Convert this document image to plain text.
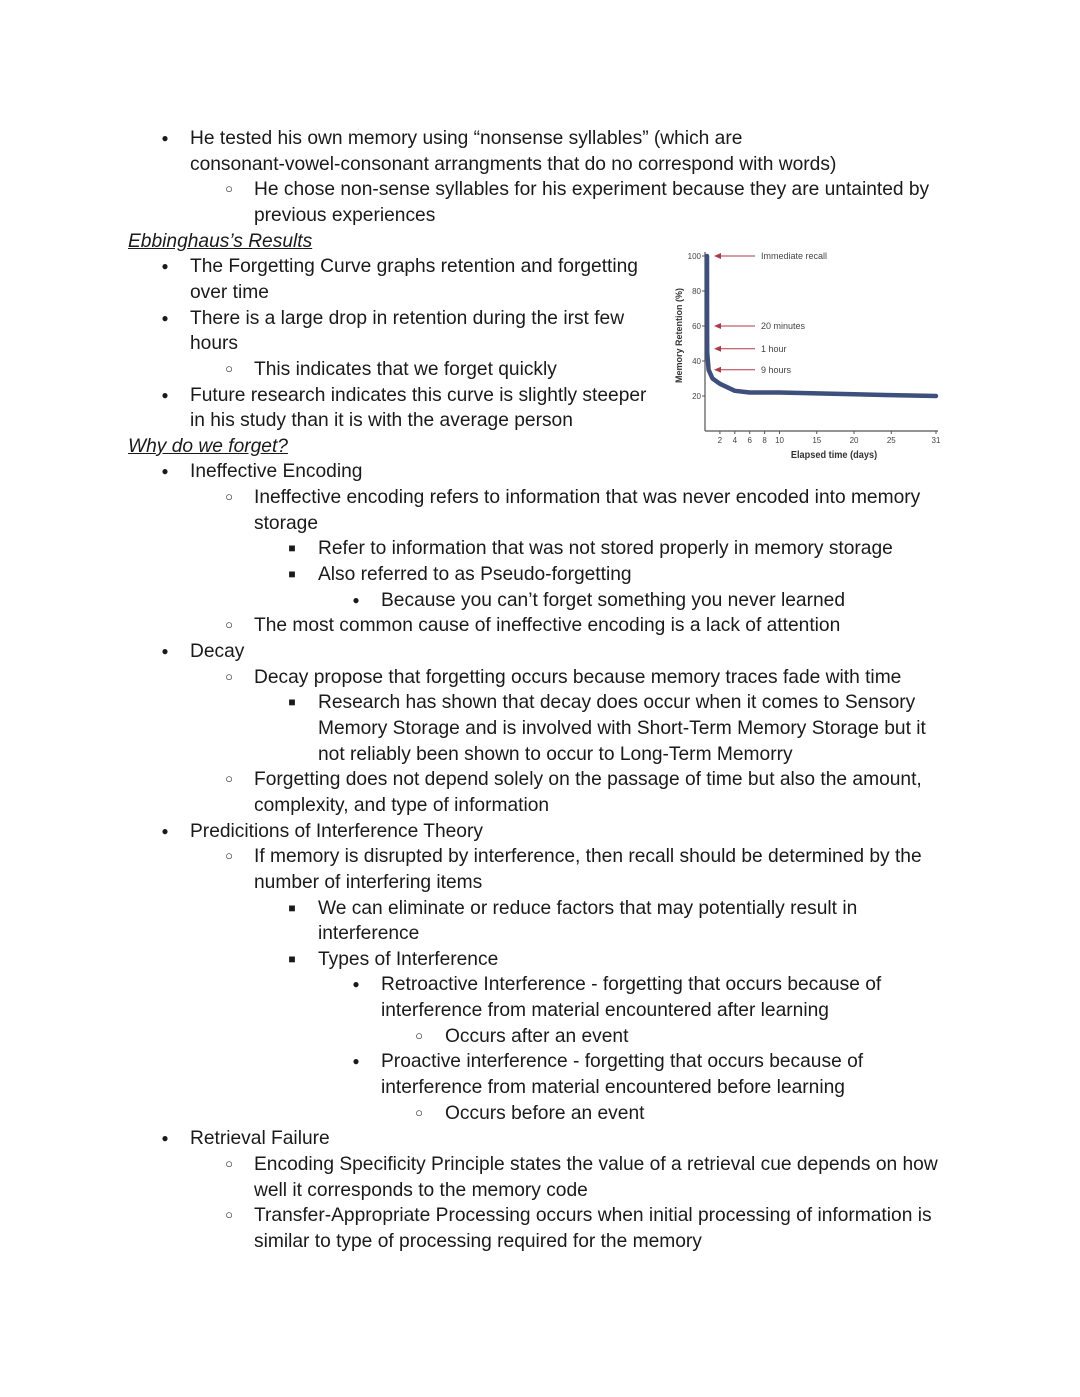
●
He tested his own memory using “nonsense syllables” (which are
consonant-vowel-consonant arrangments that do no correspond with words)
○
He chose non-sense syllables for his experiment because they are untainted by
previous experiences
Ebbinghaus’s Results
●
The Forgetting Curve graphs retention and forgetting
over time
●
There is a large drop in retention during the irst few
hours
○
This indicates that we forget quickly
●
Future research indicates this curve is slightly steeper
in his study than it is with the average person
Why do we forget?
●
Ineffective Encoding
○
Ineffective encoding refers to information that was never encoded into memory
storage
■
Refer to information that was not stored properly in memory storage
■
Also referred to as Pseudo-forgetting
●
Because you can’t forget something you never learned
○
The most common cause of ineffective encoding is a lack of attention
●
Decay
○
Decay propose that forgetting occurs because memory traces fade with time
■
Research has shown that decay does occur when it comes to Sensory
Memory Storage and is involved with Short-Term Memory Storage but it
not reliably been shown to occur to Long-Term Memorry
○
Forgetting does not depend solely on the passage of time but also the amount,
complexity, and type of information
●
Predicitions of Interference Theory
○
If memory is disrupted by interference, then recall should be determined by the
number of interfering items
■
We can eliminate or reduce factors that may potentially result in
interference
■
Types of Interference
●
Retroactive Interference - forgetting that occurs because of
interference from material encountered after learning
○
Occurs after an event
●
Proactive interference - forgetting that occurs because of
interference from material encountered before learning
○
Occurs before an event
●
Retrieval Failure
○
Encoding Specificity Principle states the value of a retrieval cue depends on how
well it corresponds to the memory code
○
Transfer-Appropriate Processing occurs when initial processing of information is
similar to type of processing required for the memory
20
40
60
80
100
2 4 6 8 10	15	20	25	31
Elapsed time (days)
Memory Retention (%)
Immediate recall
20 minutes
1 hour
9 hours
